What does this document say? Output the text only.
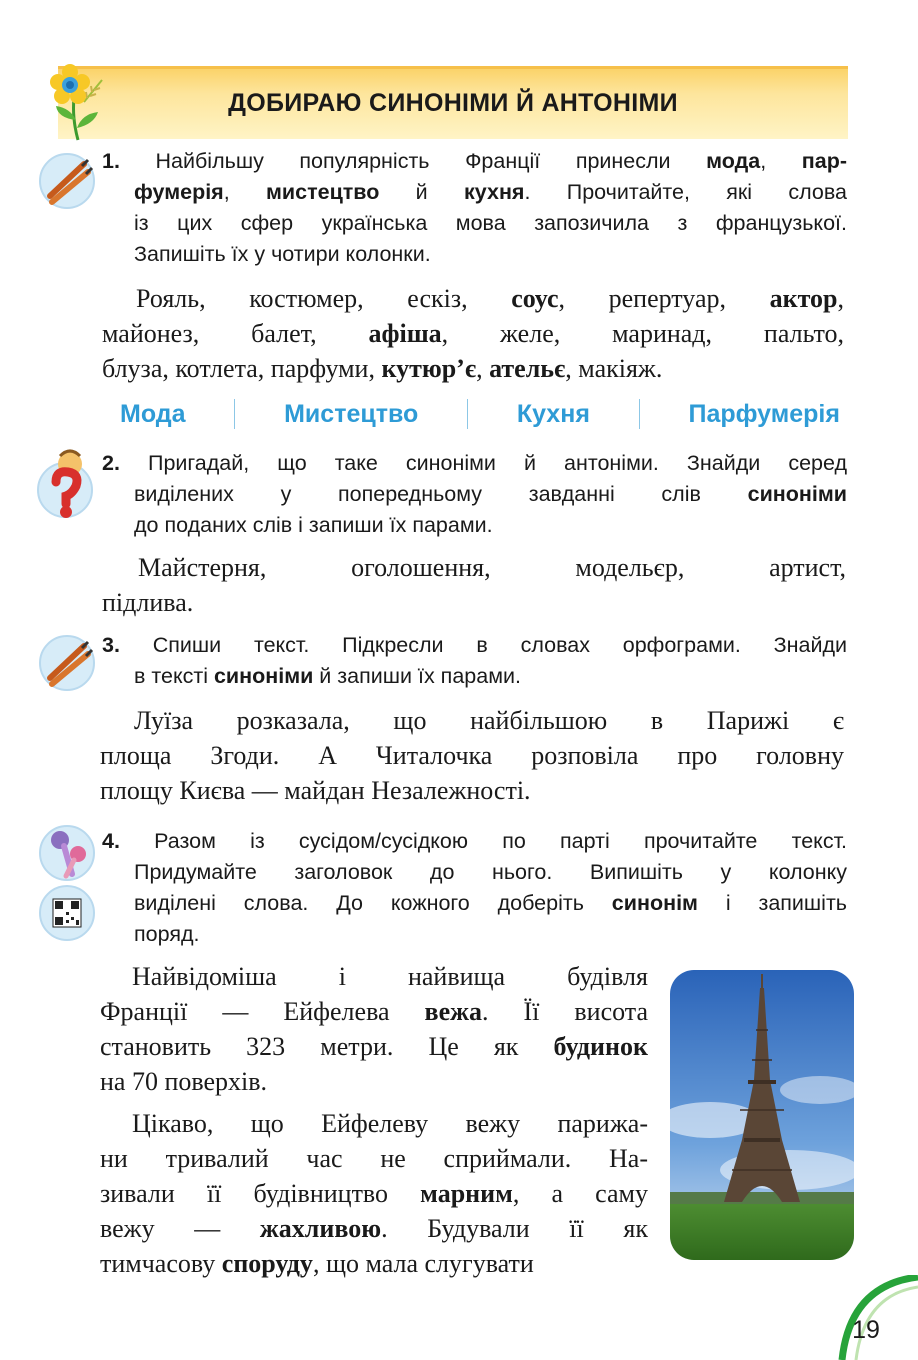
ДОБИРАЮ СИНОНІМИ Й АНТОНІМИ
1. Найбільшу популярність Франції принесли мода, пар-
фумерія, мистецтво й кухня. Прочитайте, які слова
із цих сфер українська мова запозичила з французької.
Запишіть їх у чотири колонки.
Рояль, костюмер, ескіз, соус, репертуар, актор,
майонез, балет, афіша, желе, маринад, пальто,
блуза, котлета, парфуми, кутюр’є, ательє, макіяж.
Мода	Мистецтво	Кухня	Парфумерія
2. Пригадай, що таке синоніми й антоніми. Знайди серед
виділених у попередньому завданні слів синоніми
до поданих слів і запиши їх парами.
Майстерня, оголошення, модельєр, артист,
підлива.
3. Спиши текст. Підкресли в словах орфограми. Знайди
в тексті синоніми й запиши їх парами.
Луїза розказала, що найбільшою в Парижі є
площа Згоди. А Читалочка розповіла про головну
площу Києва — майдан Незалежності.
4. Разом із сусідом/сусідкою по парті прочитайте текст.
Придумайте заголовок до нього. Випишіть у колонку
виділені слова. До кожного доберіть синонім і запишіть
поряд.
Найвідоміша і найвища будівля
Франції — Ейфелева вежа. Її висота
становить 323 метри. Це як будинок
на 70 поверхів.
Цікаво, що Ейфелеву вежу парижа-
ни тривалий час не сприймали. На-
зивали її будівництво марним, а саму
вежу — жахливою. Будували її як
тимчасову споруду, що мала слугувати
19
